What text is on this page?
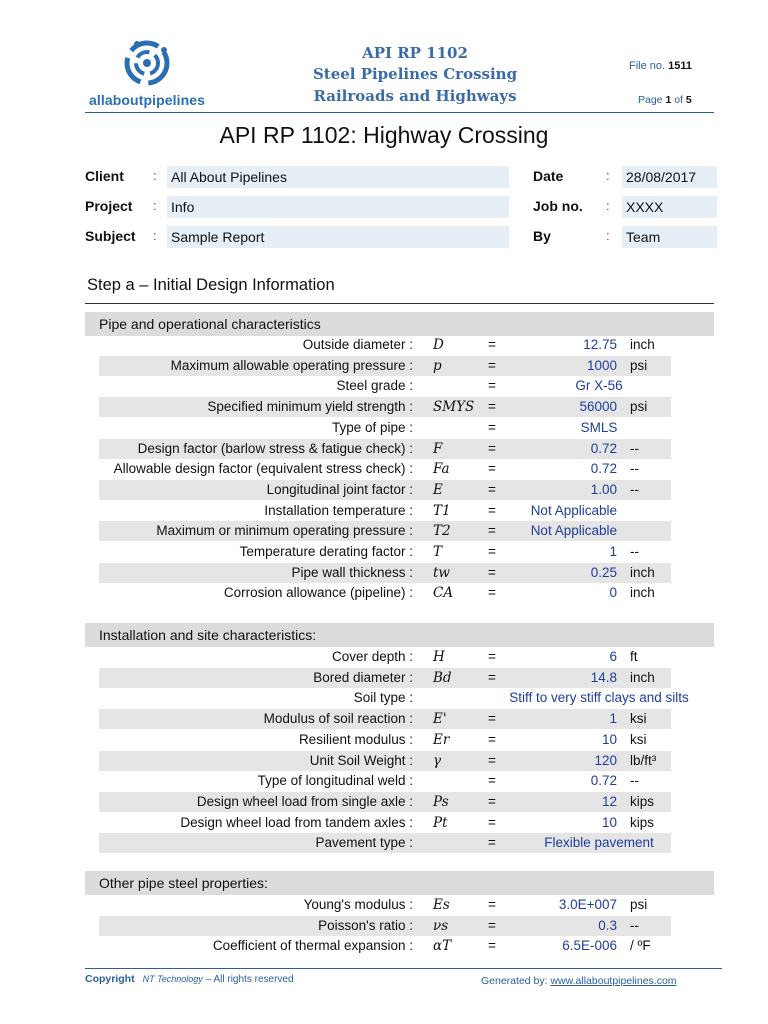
allaboutpipelines
API RP 1102
Steel Pipelines Crossing
Railroads and Highways
File no. 1511
Page 1 of 5
API RP 1102: Highway Crossing
Client : All About Pipelines
Project : Info
Subject : Sample Report
Date	: 28/08/2017
Job no. : XXXX
By	: Team
Step a – Initial Design Information
Pipe and operational characteristics
Outside diameter : D	=	12.75 inch
Maximum allowable operating pressure : p	=	1000 psi
Steel grade :	=	Gr X-56
Specified minimum yield strength : SMYS	=	56000 psi
Type of pipe :	=	SMLS
Design factor (barlow stress & fatigue check) : F	=	0.72 --
Allowable design factor (equivalent stress check) : Fa	=	0.72 --
Longitudinal joint factor : E	=	1.00 --
Installation temperature : T1	=	Not Applicable
Maximum or minimum operating pressure : T2	=	Not Applicable
Temperature derating factor : T	=	1 --
Pipe wall thickness : tw	=	0.25 inch
Corrosion allowance (pipeline) : CA	=	0 inch
Installation and site characteristics:
Cover depth : H	=	6 ft
Bored diameter : Bd	=	14.8 inch
Soil type :	Stiff to very stiff clays and silts
Modulus of soil reaction : E'	=	1 ksi
Resilient modulus : Er	=	10 ksi
Unit Soil Weight : γ	=	120 lb/ft³
Type of longitudinal weld :	=	0.72 --
Design wheel load from single axle : Ps	=	12 kips
Design wheel load from tandem axles : Pt	=	10 kips
Pavement type :	=	Flexible pavement
Other pipe steel properties:
Young's modulus : Es	=	3.0E+007 psi
Poisson's ratio : νs	=	0.3 --
Coefficient of thermal expansion : αT	=	6.5E-006 / ºF
Copyright NT Technology – All rights reserved	Generated by: www.allaboutpipelines.com
